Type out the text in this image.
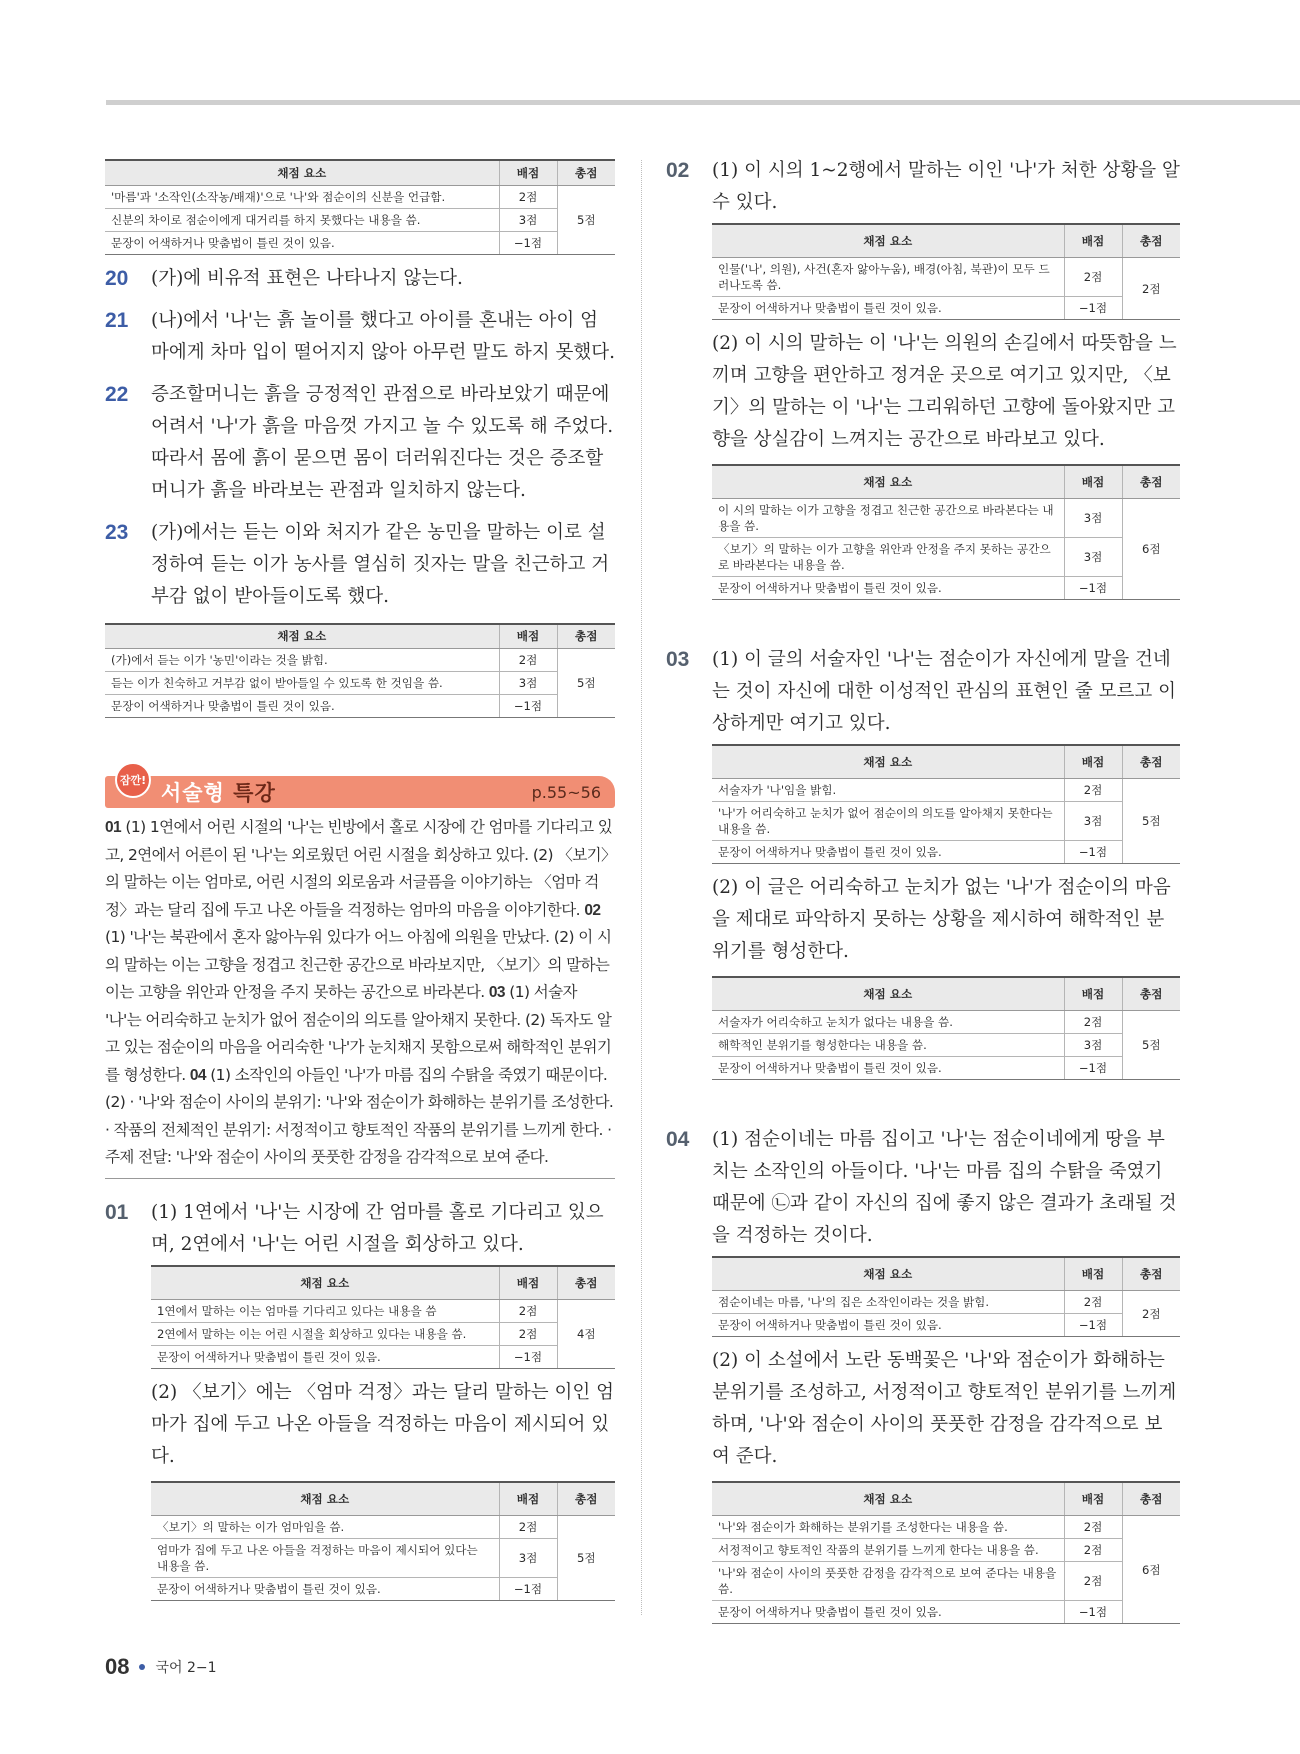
채점 요소	배점	총점
'마름'과 '소작인(소작농/배재)'으로 '나'와 점순이의 신분을 언급함.	2점	5점
신분의 차이로 점순이에게 대거리를 하지 못했다는 내용을 씀.	3점	
문장이 어색하거나 맞춤법이 틀린 것이 있음.	−1점	
20	(가)에 비유적 표현은 나타나지 않는다.
21	(나)에서 '나'는 흙 놀이를 했다고 아이를 혼내는 아이 엄마에게 차마 입이 떨어지지 않아 아무런 말도 하지 못했다.
22	증조할머니는 흙을 긍정적인 관점으로 바라보았기 때문에 어려서 '나'가 흙을 마음껏 가지고 놀 수 있도록 해 주었다. 따라서 몸에 흙이 묻으면 몸이 더러워진다는 것은 증조할머니가 흙을 바라보는 관점과 일치하지 않는다.
23	(가)에서는 듣는 이와 처지가 같은 농민을 말하는 이로 설정하여 듣는 이가 농사를 열심히 짓자는 말을 친근하고 거부감 없이 받아들이도록 했다.
채점 요소	배점	총점
(가)에서 듣는 이가 '농민'이라는 것을 밝힘.	2점	5점
듣는 이가 친숙하고 거부감 없이 받아들일 수 있도록 한 것임을 씀.	3점	
문장이 어색하거나 맞춤법이 틀린 것이 있음.	−1점	
잠깐!
서술형 특강	p.55~56
01 (1) 1연에서 어린 시절의 '나'는 빈방에서 홀로 시장에 간 엄마를 기다리고 있고, 2연에서 어른이 된 '나'는 외로웠던 어린 시절을 회상하고 있다. (2) 〈보기〉의 말하는 이는 엄마로, 어린 시절의 외로움과 서글픔을 이야기하는 〈엄마 걱정〉과는 달리 집에 두고 나온 아들을 걱정하는 엄마의 마음을 이야기한다. 02 (1) '나'는 북관에서 혼자 앓아누워 있다가 어느 아침에 의원을 만났다. (2) 이 시의 말하는 이는 고향을 정겹고 친근한 공간으로 바라보지만, 〈보기〉의 말하는 이는 고향을 위안과 안정을 주지 못하는 공간으로 바라본다. 03 (1) 서술자 '나'는 어리숙하고 눈치가 없어 점순이의 의도를 알아채지 못한다. (2) 독자도 알고 있는 점순이의 마음을 어리숙한 '나'가 눈치채지 못함으로써 해학적인 분위기를 형성한다. 04 (1) 소작인의 아들인 '나'가 마름 집의 수탉을 죽였기 때문이다. (2) · '나'와 점순이 사이의 분위기: '나'와 점순이가 화해하는 분위기를 조성한다. · 작품의 전체적인 분위기: 서정적이고 향토적인 작품의 분위기를 느끼게 한다. · 주제 전달: '나'와 점순이 사이의 풋풋한 감정을 감각적으로 보여 준다.
01	(1) 1연에서 '나'는 시장에 간 엄마를 홀로 기다리고 있으며, 2연에서 '나'는 어린 시절을 회상하고 있다.
채점 요소	배점	총점
1연에서 말하는 이는 엄마를 기다리고 있다는 내용을 씀	2점	4점
2연에서 말하는 이는 어린 시절을 회상하고 있다는 내용을 씀.	2점	
문장이 어색하거나 맞춤법이 틀린 것이 있음.	−1점	
(2) 〈보기〉에는 〈엄마 걱정〉과는 달리 말하는 이인 엄마가 집에 두고 나온 아들을 걱정하는 마음이 제시되어 있다.
채점 요소	배점	총점
〈보기〉의 말하는 이가 엄마임을 씀.	2점	5점
엄마가 집에 두고 나온 아들을 걱정하는 마음이 제시되어 있다는 내용을 씀.	3점	
문장이 어색하거나 맞춤법이 틀린 것이 있음.	−1점	
02	(1) 이 시의 1~2행에서 말하는 이인 '나'가 처한 상황을 알 수 있다.
채점 요소	배점	총점
인물('나', 의원), 사건(혼자 앓아누움), 배경(아침, 북관)이 모두 드러나도록 씀.	2점	2점
문장이 어색하거나 맞춤법이 틀린 것이 있음.	−1점	
(2) 이 시의 말하는 이 '나'는 의원의 손길에서 따뜻함을 느끼며 고향을 편안하고 정겨운 곳으로 여기고 있지만, 〈보기〉의 말하는 이 '나'는 그리워하던 고향에 돌아왔지만 고향을 상실감이 느껴지는 공간으로 바라보고 있다.
채점 요소	배점	총점
이 시의 말하는 이가 고향을 정겹고 친근한 공간으로 바라본다는 내용을 씀.	3점	6점
〈보기〉의 말하는 이가 고향을 위안과 안정을 주지 못하는 공간으로 바라본다는 내용을 씀.	3점	
문장이 어색하거나 맞춤법이 틀린 것이 있음.	−1점	
03	(1) 이 글의 서술자인 '나'는 점순이가 자신에게 말을 건네는 것이 자신에 대한 이성적인 관심의 표현인 줄 모르고 이상하게만 여기고 있다.
채점 요소	배점	총점
서술자가 '나'임을 밝힘.	2점	5점
'나'가 어리숙하고 눈치가 없어 점순이의 의도를 알아채지 못한다는 내용을 씀.	3점	
문장이 어색하거나 맞춤법이 틀린 것이 있음.	−1점	
(2) 이 글은 어리숙하고 눈치가 없는 '나'가 점순이의 마음을 제대로 파악하지 못하는 상황을 제시하여 해학적인 분위기를 형성한다.
채점 요소	배점	총점
서술자가 어리숙하고 눈치가 없다는 내용을 씀.	2점	5점
해학적인 분위기를 형성한다는 내용을 씀.	3점	
문장이 어색하거나 맞춤법이 틀린 것이 있음.	−1점	
04	(1) 점순이네는 마름 집이고 '나'는 점순이네에게 땅을 부치는 소작인의 아들이다. '나'는 마름 집의 수탉을 죽였기 때문에 ㉡과 같이 자신의 집에 좋지 않은 결과가 초래될 것을 걱정하는 것이다.
채점 요소	배점	총점
점순이네는 마름, '나'의 집은 소작인이라는 것을 밝힘.	2점	2점
문장이 어색하거나 맞춤법이 틀린 것이 있음.	−1점	
(2) 이 소설에서 노란 동백꽃은 '나'와 점순이가 화해하는 분위기를 조성하고, 서정적이고 향토적인 분위기를 느끼게 하며, '나'와 점순이 사이의 풋풋한 감정을 감각적으로 보여 준다.
채점 요소	배점	총점
'나'와 점순이가 화해하는 분위기를 조성한다는 내용을 씀.	2점	6점
서정적이고 향토적인 작품의 분위기를 느끼게 한다는 내용을 씀.	2점	
'나'와 점순이 사이의 풋풋한 감정을 감각적으로 보여 준다는 내용을 씀.	2점	
문장이 어색하거나 맞춤법이 틀린 것이 있음.	−1점	
08 국어 2−1
